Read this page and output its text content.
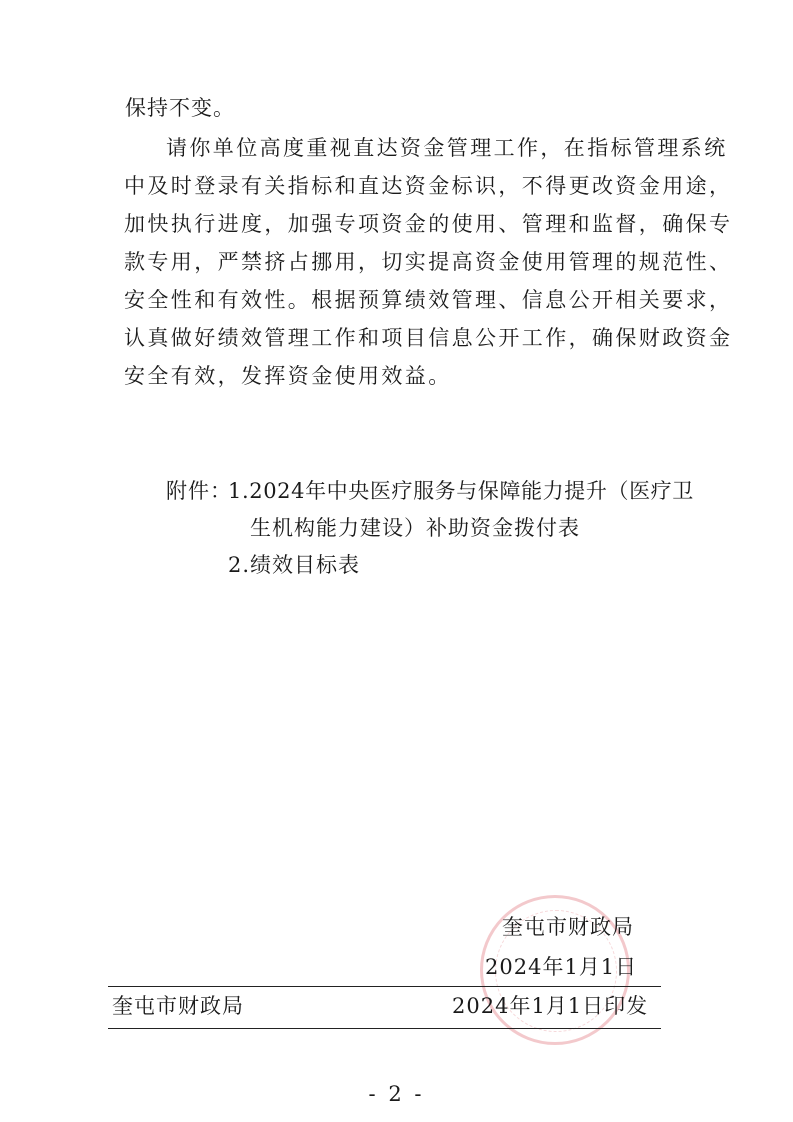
保持不变。
请你单位高度重视直达资金管理工作，在指标管理系统
中及时登录有关指标和直达资金标识，不得更改资金用途，
加快执行进度，加强专项资金的使用、管理和监督，确保专
款专用，严禁挤占挪用，切实提高资金使用管理的规范性、
安全性和有效性。根据预算绩效管理、信息公开相关要求，
认真做好绩效管理工作和项目信息公开工作，确保财政资金
安全有效，发挥资金使用效益。
附件：
1.2024年中央医疗服务与保障能力提升（医疗卫
生机构能力建设）补助资金拨付表
2.绩效目标表
奎屯市财政局
2024年1月1日
奎屯市财政局	2024年1月1日印发
- 2 -
